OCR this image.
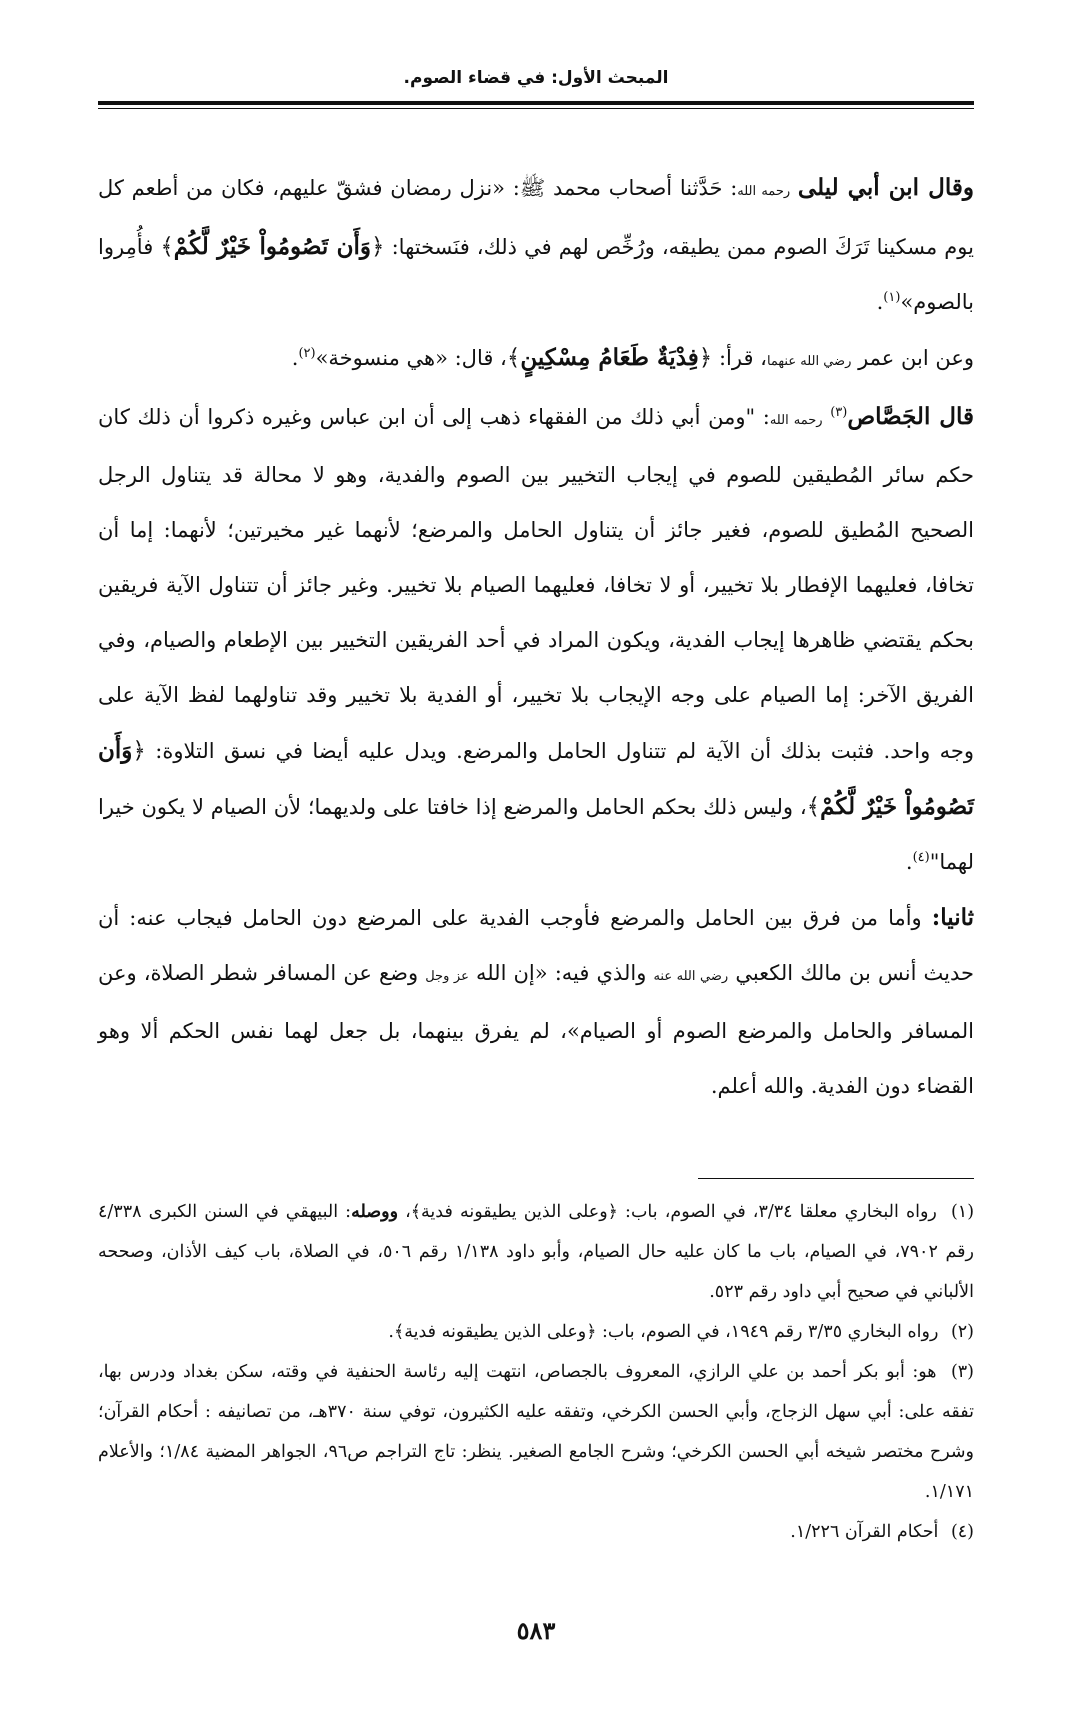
المبحث الأول: في قضاء الصوم.

وقال ابن أبي ليلى رحمه الله: حَدَّثنا أصحاب محمد ﷺ: «نزل رمضان فشقّ عليهم، فكان من أطعم كل يوم مسكينا تَرَكَ الصوم ممن يطيقه، ورُخِّص لهم في ذلك، فنَسختها: ﴿وَأَن تَصُومُواْ خَيْرٌ لَّكُمْ﴾ فأُمِروا بالصوم»$^{(١)}$.

وعن ابن عمر رضي الله عنهما، قرأ: ﴿فِدْيَةٌ طَعَامُ مِسْكِينٍ﴾، قال: «هي منسوخة»$^{(٢)}$.

قال الجَصَّاص$^{(٣)}$ رحمه الله: "ومن أبي ذلك من الفقهاء ذهب إلى أن ابن عباس وغيره ذكروا أن ذلك كان حكم سائر المُطيقين للصوم في إيجاب التخيير بين الصوم والفدية، وهو لا محالة قد يتناول الرجل الصحيح المُطيق للصوم، فغير جائز أن يتناول الحامل والمرضع؛ لأنهما غير مخيرتين؛ لأنهما: إما أن تخافا، فعليهما الإفطار بلا تخيير، أو لا تخافا، فعليهما الصيام بلا تخيير. وغير جائز أن تتناول الآية فريقين بحكم يقتضي ظاهرها إيجاب الفدية، ويكون المراد في أحد الفريقين التخيير بين الإطعام والصيام، وفي الفريق الآخر: إما الصيام على وجه الإيجاب بلا تخيير، أو الفدية بلا تخيير وقد تناولهما لفظ الآية على وجه واحد. فثبت بذلك أن الآية لم تتناول الحامل والمرضع. ويدل عليه أيضا في نسق التلاوة: ﴿وَأَن تَصُومُواْ خَيْرٌ لَّكُمْ﴾، وليس ذلك بحكم الحامل والمرضع إذا خافتا على ولديهما؛ لأن الصيام لا يكون خيرا لهما"$^{(٤)}$.

ثانيا: وأما من فرق بين الحامل والمرضع فأوجب الفدية على المرضع دون الحامل فيجاب عنه: أن حديث أنس بن مالك الكعبي رضي الله عنه والذي فيه: «إن الله عز وجل وضع عن المسافر شطر الصلاة، وعن المسافر والحامل والمرضع الصوم أو الصيام»، لم يفرق بينهما، بل جعل لهما نفس الحكم ألا وهو القضاء دون الفدية. والله أعلم.

(١) رواه البخاري معلقا ٣/٣٤، في الصوم، باب: ﴿وعلى الذين يطيقونه فدية﴾، ووصله: البيهقي في السنن الكبرى ٤/٣٣٨ رقم ٧٩٠٢، في الصيام، باب ما كان عليه حال الصيام، وأبو داود ١/١٣٨ رقم ٥٠٦، في الصلاة، باب كيف الأذان، وصححه الألباني في صحيح أبي داود رقم ٥٢٣.

(٢) رواه البخاري ٣/٣٥ رقم ١٩٤٩، في الصوم، باب: ﴿وعلى الذين يطيقونه فدية﴾.

(٣) هو: أبو بكر أحمد بن علي الرازي، المعروف بالجصاص، انتهت إليه رئاسة الحنفية في وقته، سكن بغداد ودرس بها، تفقه على: أبي سهل الزجاج، وأبي الحسن الكرخي، وتفقه عليه الكثيرون، توفي سنة ٣٧٠هـ، من تصانيفه : أحكام القرآن؛ وشرح مختصر شيخه أبي الحسن الكرخي؛ وشرح الجامع الصغير. ينظر: تاج التراجم ص٩٦، الجواهر المضية ١/٨٤؛ والأعلام ١/١٧١.

(٤) أحكام القرآن ١/٢٢٦.

٥٨٣
